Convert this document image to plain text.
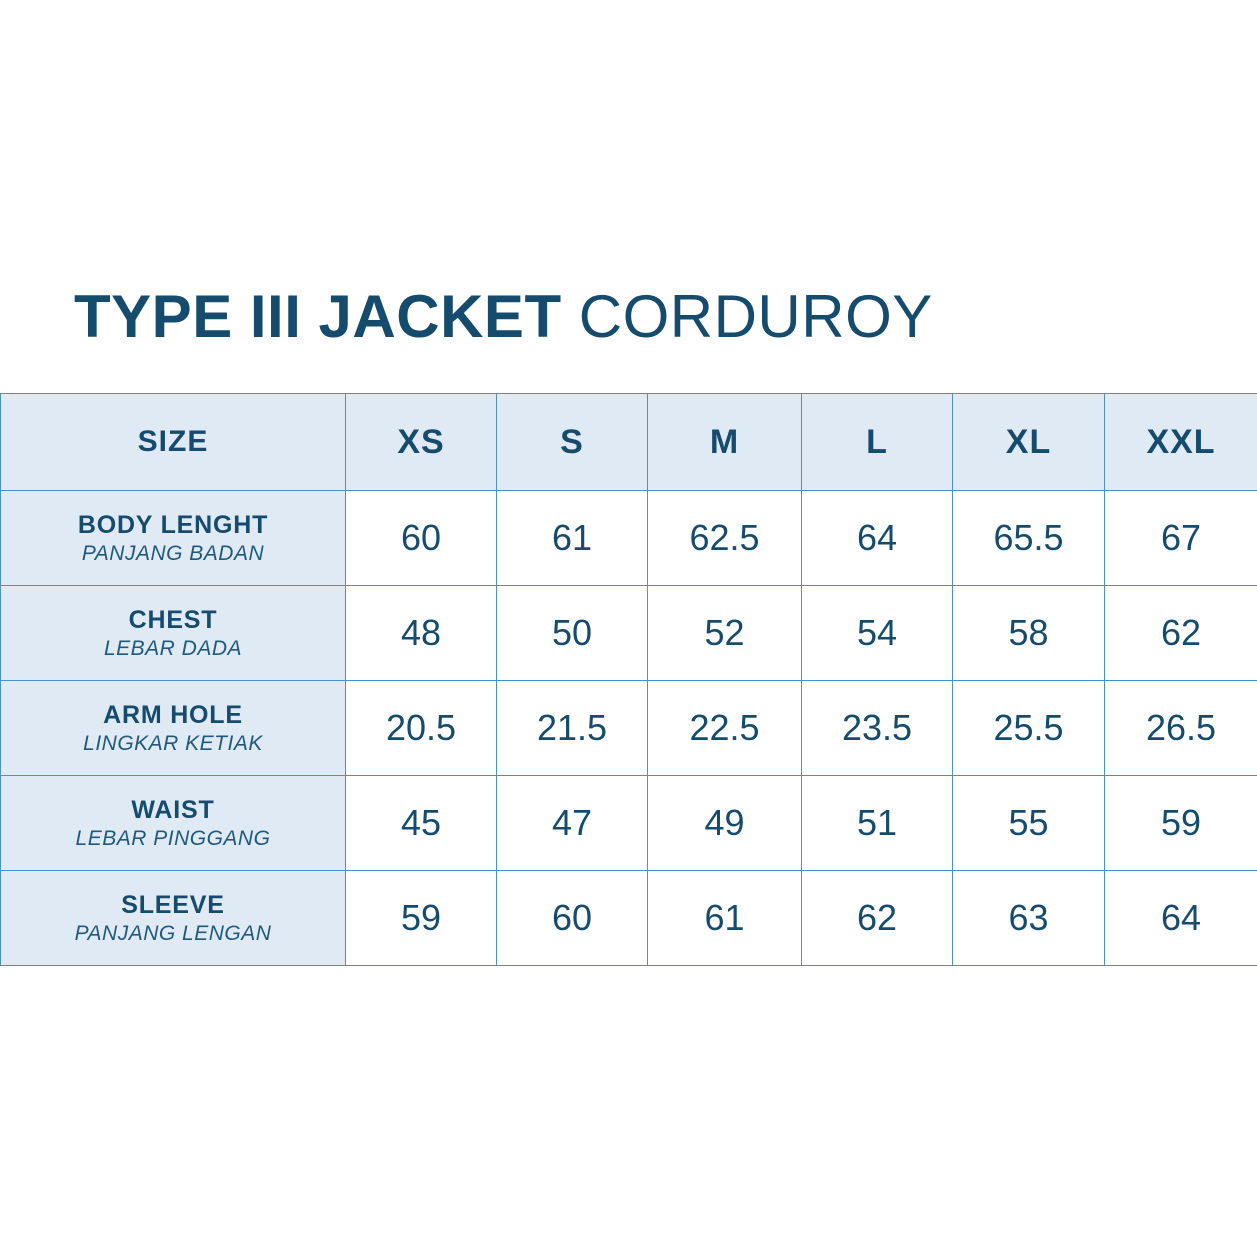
TYPE III JACKET CORDUROY
SIZE	XS	S	M	L	XL	XXL

BODY LENGHT
PANJANG BADAN	60	61	62.5	64	65.5	67

CHEST
LEBAR DADA	48	50	52	54	58	62

ARM HOLE
LINGKAR KETIAK	20.5	21.5	22.5	23.5	25.5	26.5

WAIST
LEBAR PINGGANG	45	47	49	51	55	59

SLEEVE
PANJANG LENGAN	59	60	61	62	63	64
